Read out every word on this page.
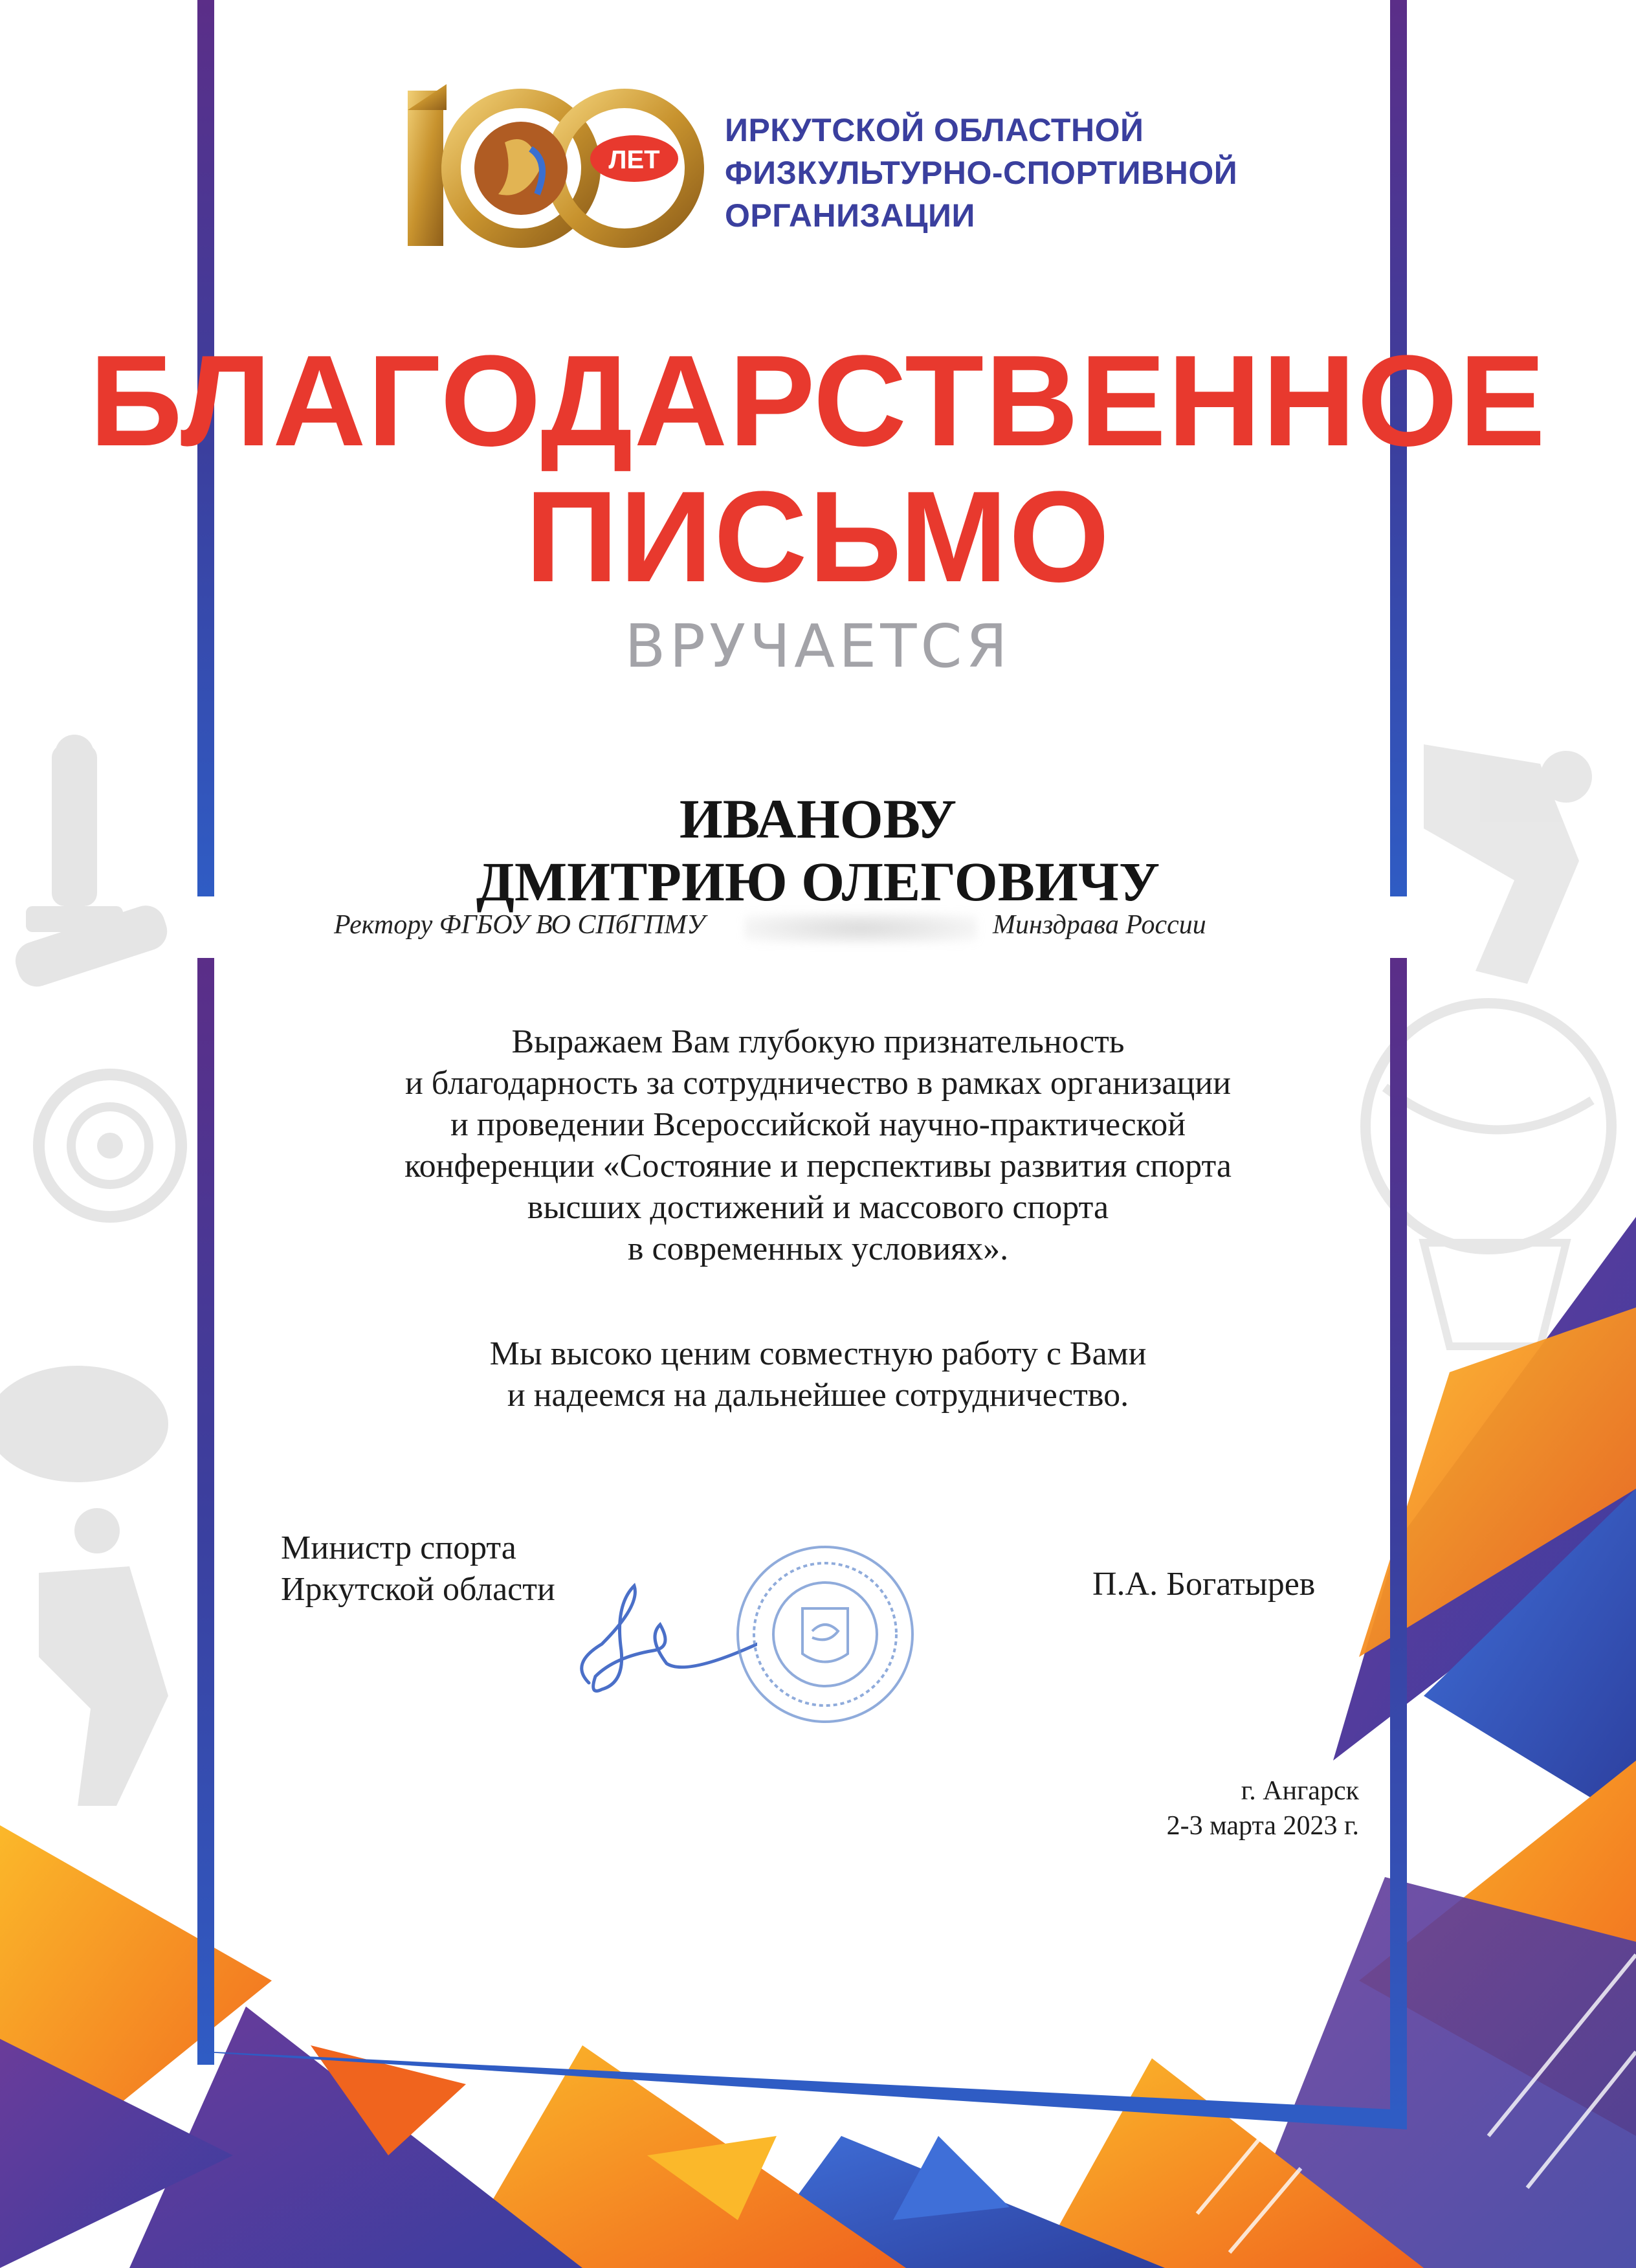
ЛЕТ
ИРКУТСКОЙ ОБЛАСТНОЙ
ФИЗКУЛЬТУРНО-СПОРТИВНОЙ
ОРГАНИЗАЦИИ
БЛАГОДАРСТВЕННОЕ
ПИСЬМО
ВРУЧАЕТСЯ
ИВАНОВУ
ДМИТРИЮ ОЛЕГОВИЧУ
Ректору ФГБОУ ВО СПбГПМУ	Минздрава России
Выражаем Вам глубокую признательность
и благодарность за сотрудничество в рамках организации
и проведении Всероссийской научно-практической
конференции «Состояние и перспективы развития спорта
высших достижений и массового спорта
в современных условиях».
Мы высоко ценим совместную работу с Вами
и надеемся на дальнейшее сотрудничество.
Министр спорта
Иркутской области	П.А. Богатырев
г. Ангарск
2-3 марта 2023 г.
